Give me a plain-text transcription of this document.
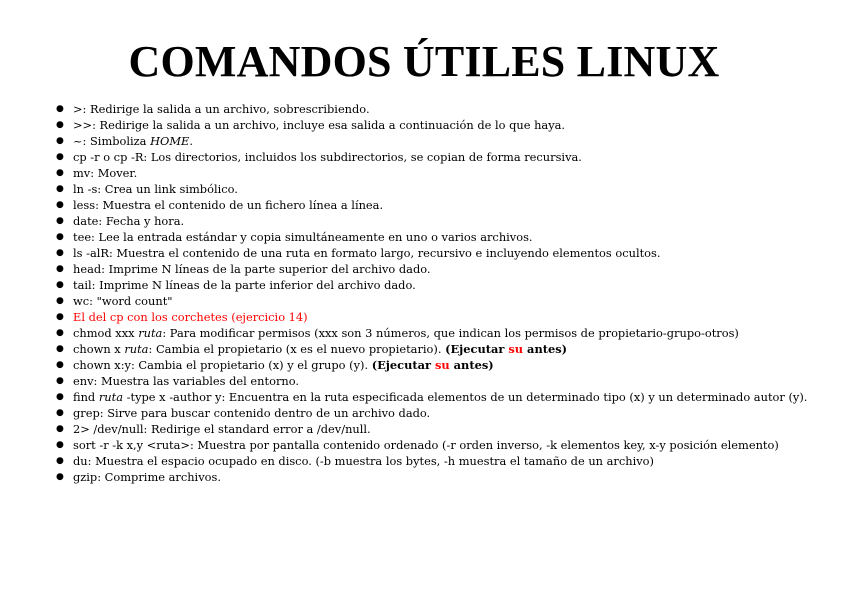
COMANDOS ÚTILES LINUX
● >: Redirige la salida a un archivo, sobrescribiendo.
● >>: Redirige la salida a un archivo, incluye esa salida a continuación de lo que haya.
● ~: Simboliza HOME.
● cp -r o cp -R: Los directorios, incluidos los subdirectorios, se copian de forma recursiva.
● mv: Mover.
● ln -s: Crea un link simbólico.
● less: Muestra el contenido de un fichero línea a línea.
● date: Fecha y hora.
● tee: Lee la entrada estándar y copia simultáneamente en uno o varios archivos.
● ls -alR: Muestra el contenido de una ruta en formato largo, recursivo e incluyendo elementos ocultos.
● head: Imprime N líneas de la parte superior del archivo dado.
● tail: Imprime N líneas de la parte inferior del archivo dado.
● wc: "word count"
● El del cp con los corchetes (ejercicio 14)
● chmod xxx ruta: Para modificar permisos (xxx son 3 números, que indican los permisos de propietario-grupo-otros)
● chown x ruta: Cambia el propietario (x es el nuevo propietario). (Ejecutar su antes)
● chown x:y: Cambia el propietario (x) y el grupo (y). (Ejecutar su antes)
● env: Muestra las variables del entorno.
● find ruta -type x -author y: Encuentra en la ruta especificada elementos de un determinado tipo (x) y un determinado autor (y).
● grep: Sirve para buscar contenido dentro de un archivo dado.
● 2> /dev/null: Redirige el standard error a /dev/null.
● sort -r -k x,y <ruta>: Muestra por pantalla contenido ordenado (-r orden inverso, -k elementos key, x-y posición elemento)
● du: Muestra el espacio ocupado en disco. (-b muestra los bytes, -h muestra el tamaño de un archivo)
● gzip: Comprime archivos.
